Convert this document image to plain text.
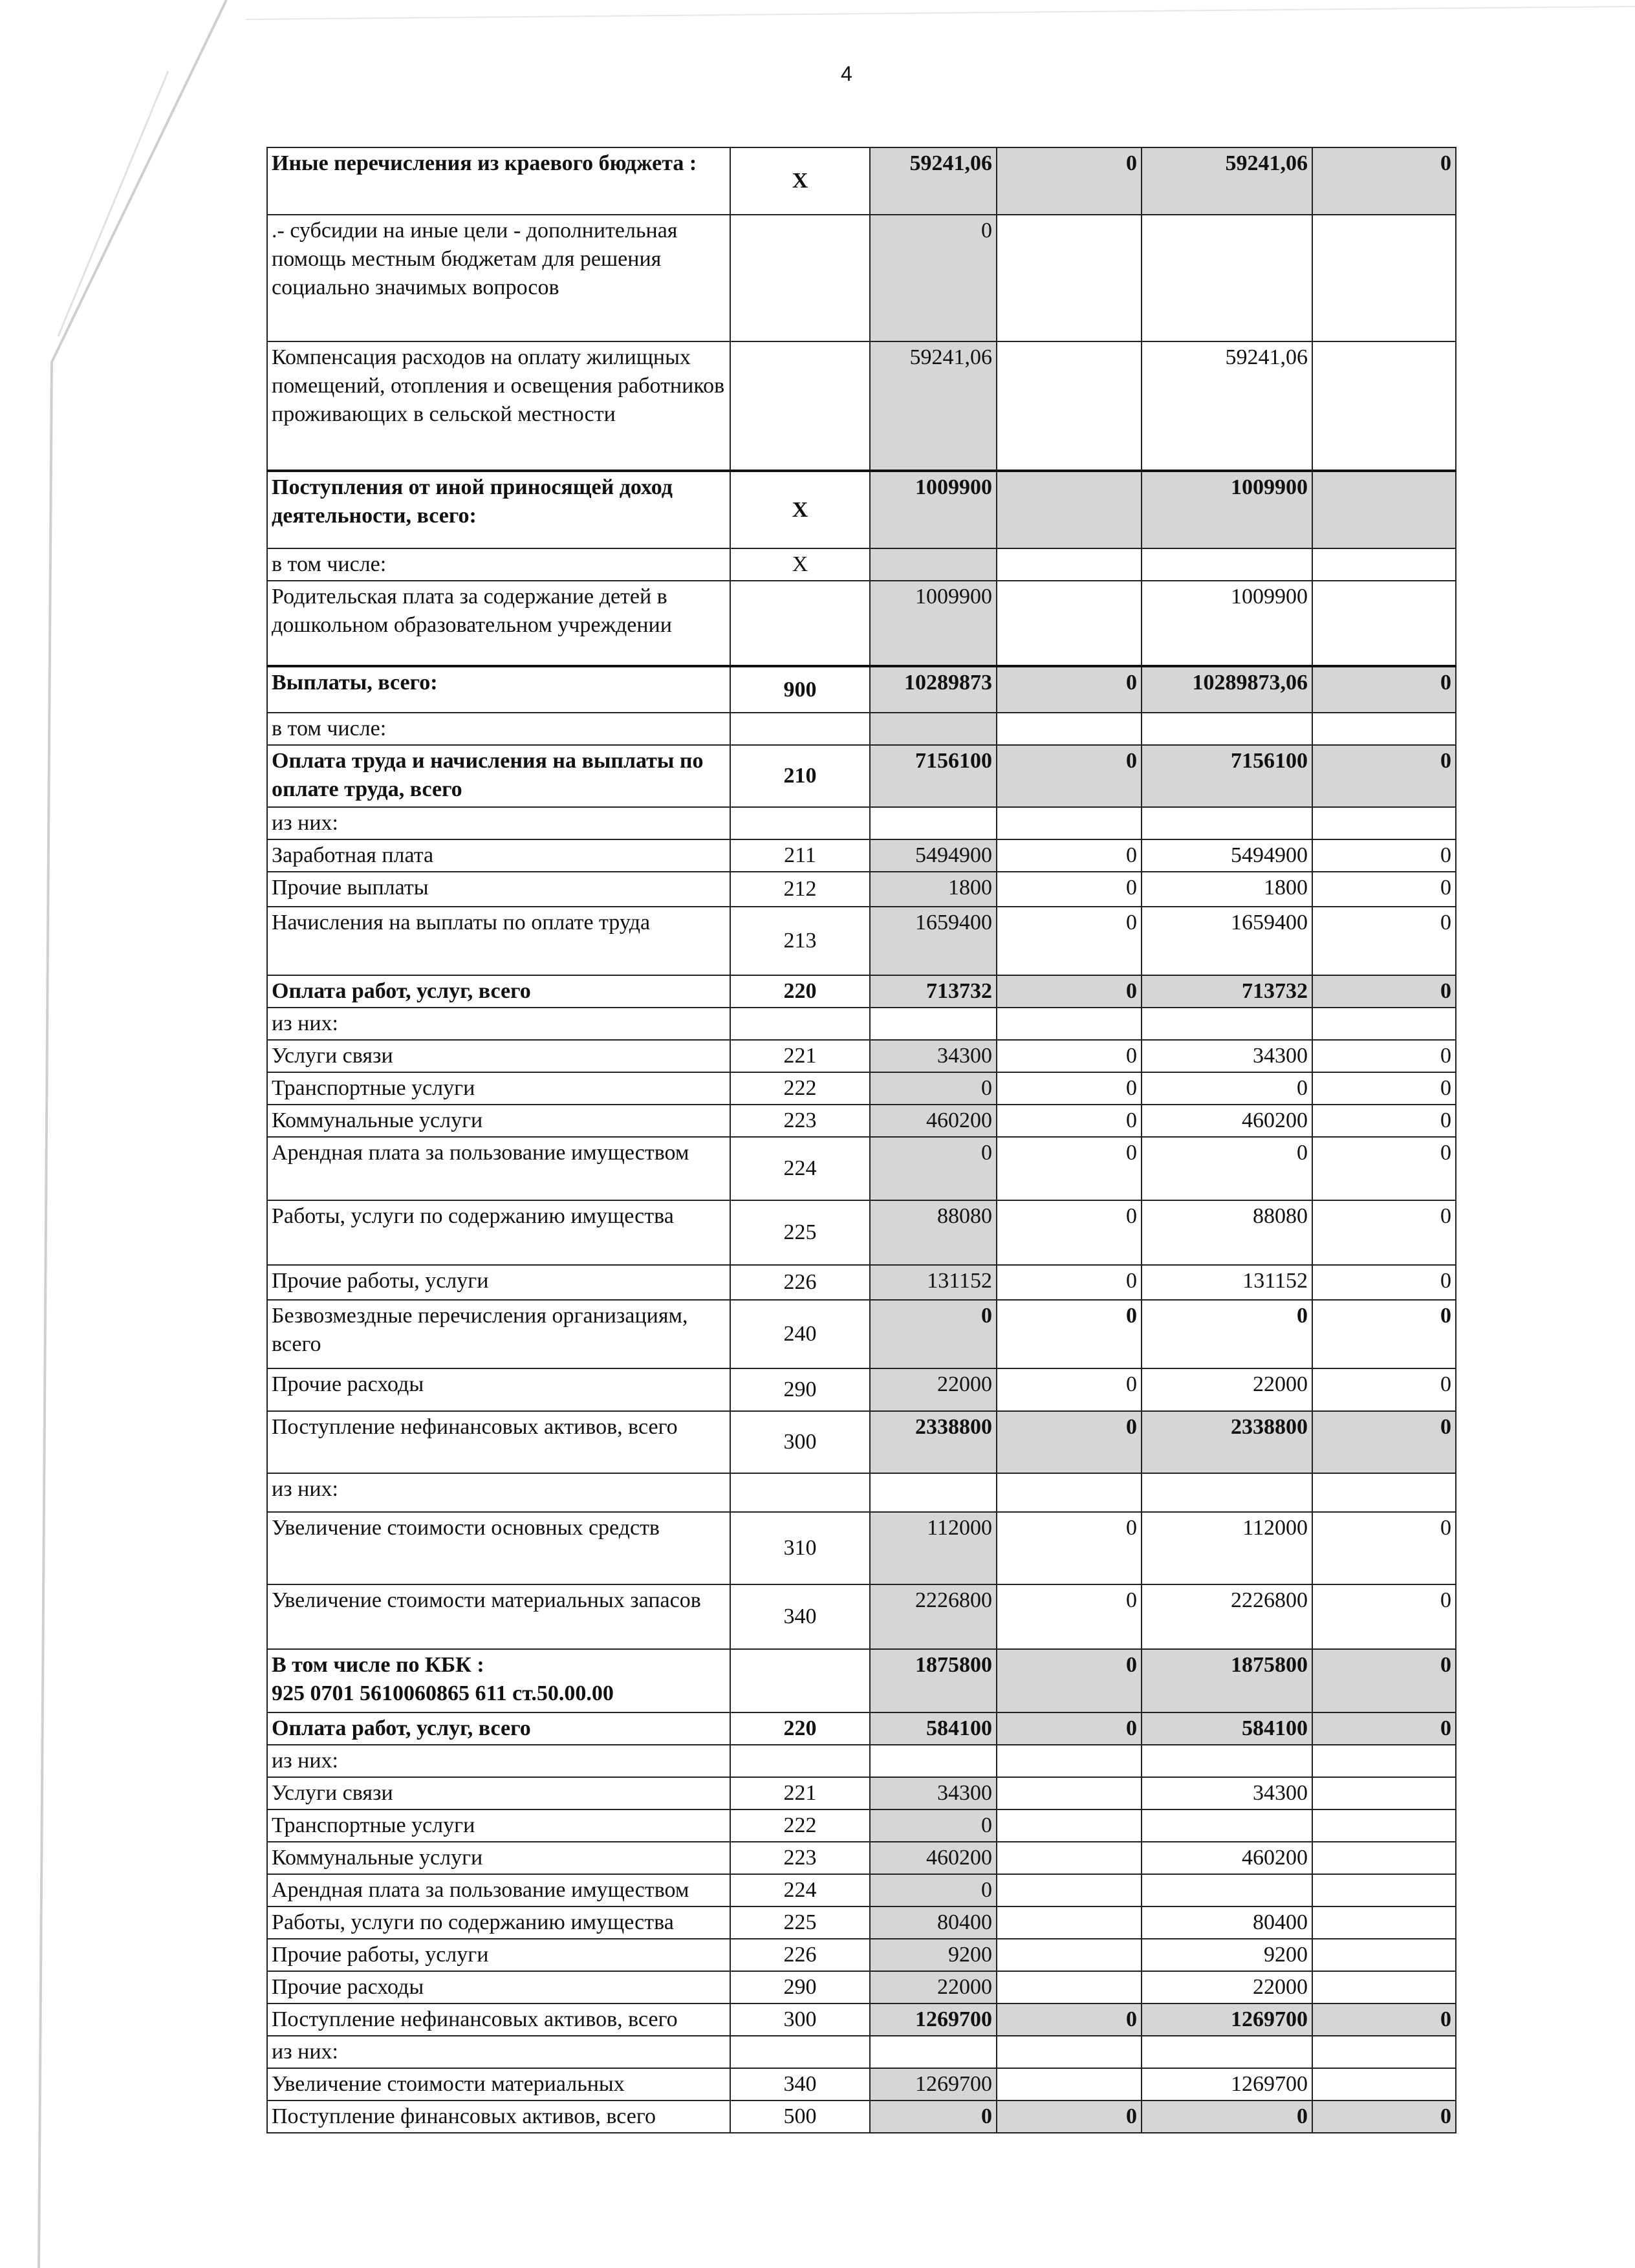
4
Иные перечисления из краевого бюджета :	Х	59241,06	0	59241,06	0
.- субсидии на иные цели - дополнительная помощь местным бюджетам для решения социально значимых вопросов		0			
Компенсация расходов на оплату жилищных помещений, отопления и освещения работников проживающих в сельской местности		59241,06		59241,06	
Поступления от иной приносящей доход деятельности, всего:	Х	1009900		1009900	
в том числе:	Х				
Родительская плата за содержание детей в дошкольном образовательном учреждении		1009900		1009900	
Выплаты, всего:	900	10289873	0	10289873,06	0
в том числе:					
Оплата труда и начисления на выплаты по оплате труда, всего	210	7156100	0	7156100	0
из них:					
Заработная плата	211	5494900	0	5494900	0
Прочие выплаты	212	1800	0	1800	0
Начисления на выплаты по оплате труда	213	1659400	0	1659400	0
Оплата работ, услуг, всего	220	713732	0	713732	0
из них:					
Услуги связи	221	34300	0	34300	0
Транспортные услуги	222	0	0	0	0
Коммунальные услуги	223	460200	0	460200	0
Арендная плата за пользование имуществом	224	0	0	0	0
Работы, услуги по содержанию имущества	225	88080	0	88080	0
Прочие работы, услуги	226	131152	0	131152	0
Безвозмездные перечисления организациям, всего	240	0	0	0	0
Прочие расходы	290	22000	0	22000	0
Поступление нефинансовых активов, всего	300	2338800	0	2338800	0
из них:					
Увеличение стоимости основных средств	310	112000	0	112000	0
Увеличение стоимости материальных запасов	340	2226800	0	2226800	0
В том числе по КБК :
925 0701 5610060865 611 ст.50.00.00		1875800	0	1875800	0
Оплата работ, услуг, всего	220	584100	0	584100	0
из них:					
Услуги связи	221	34300		34300	
Транспортные услуги	222	0			
Коммунальные услуги	223	460200		460200	
Арендная плата за пользование имуществом	224	0			
Работы, услуги по содержанию имущества	225	80400		80400	
Прочие работы, услуги	226	9200		9200	
Прочие расходы	290	22000		22000	
Поступление нефинансовых активов, всего	300	1269700	0	1269700	0
из них:					
Увеличение стоимости материальных	340	1269700		1269700	
Поступление финансовых активов, всего	500	0	0	0	0
